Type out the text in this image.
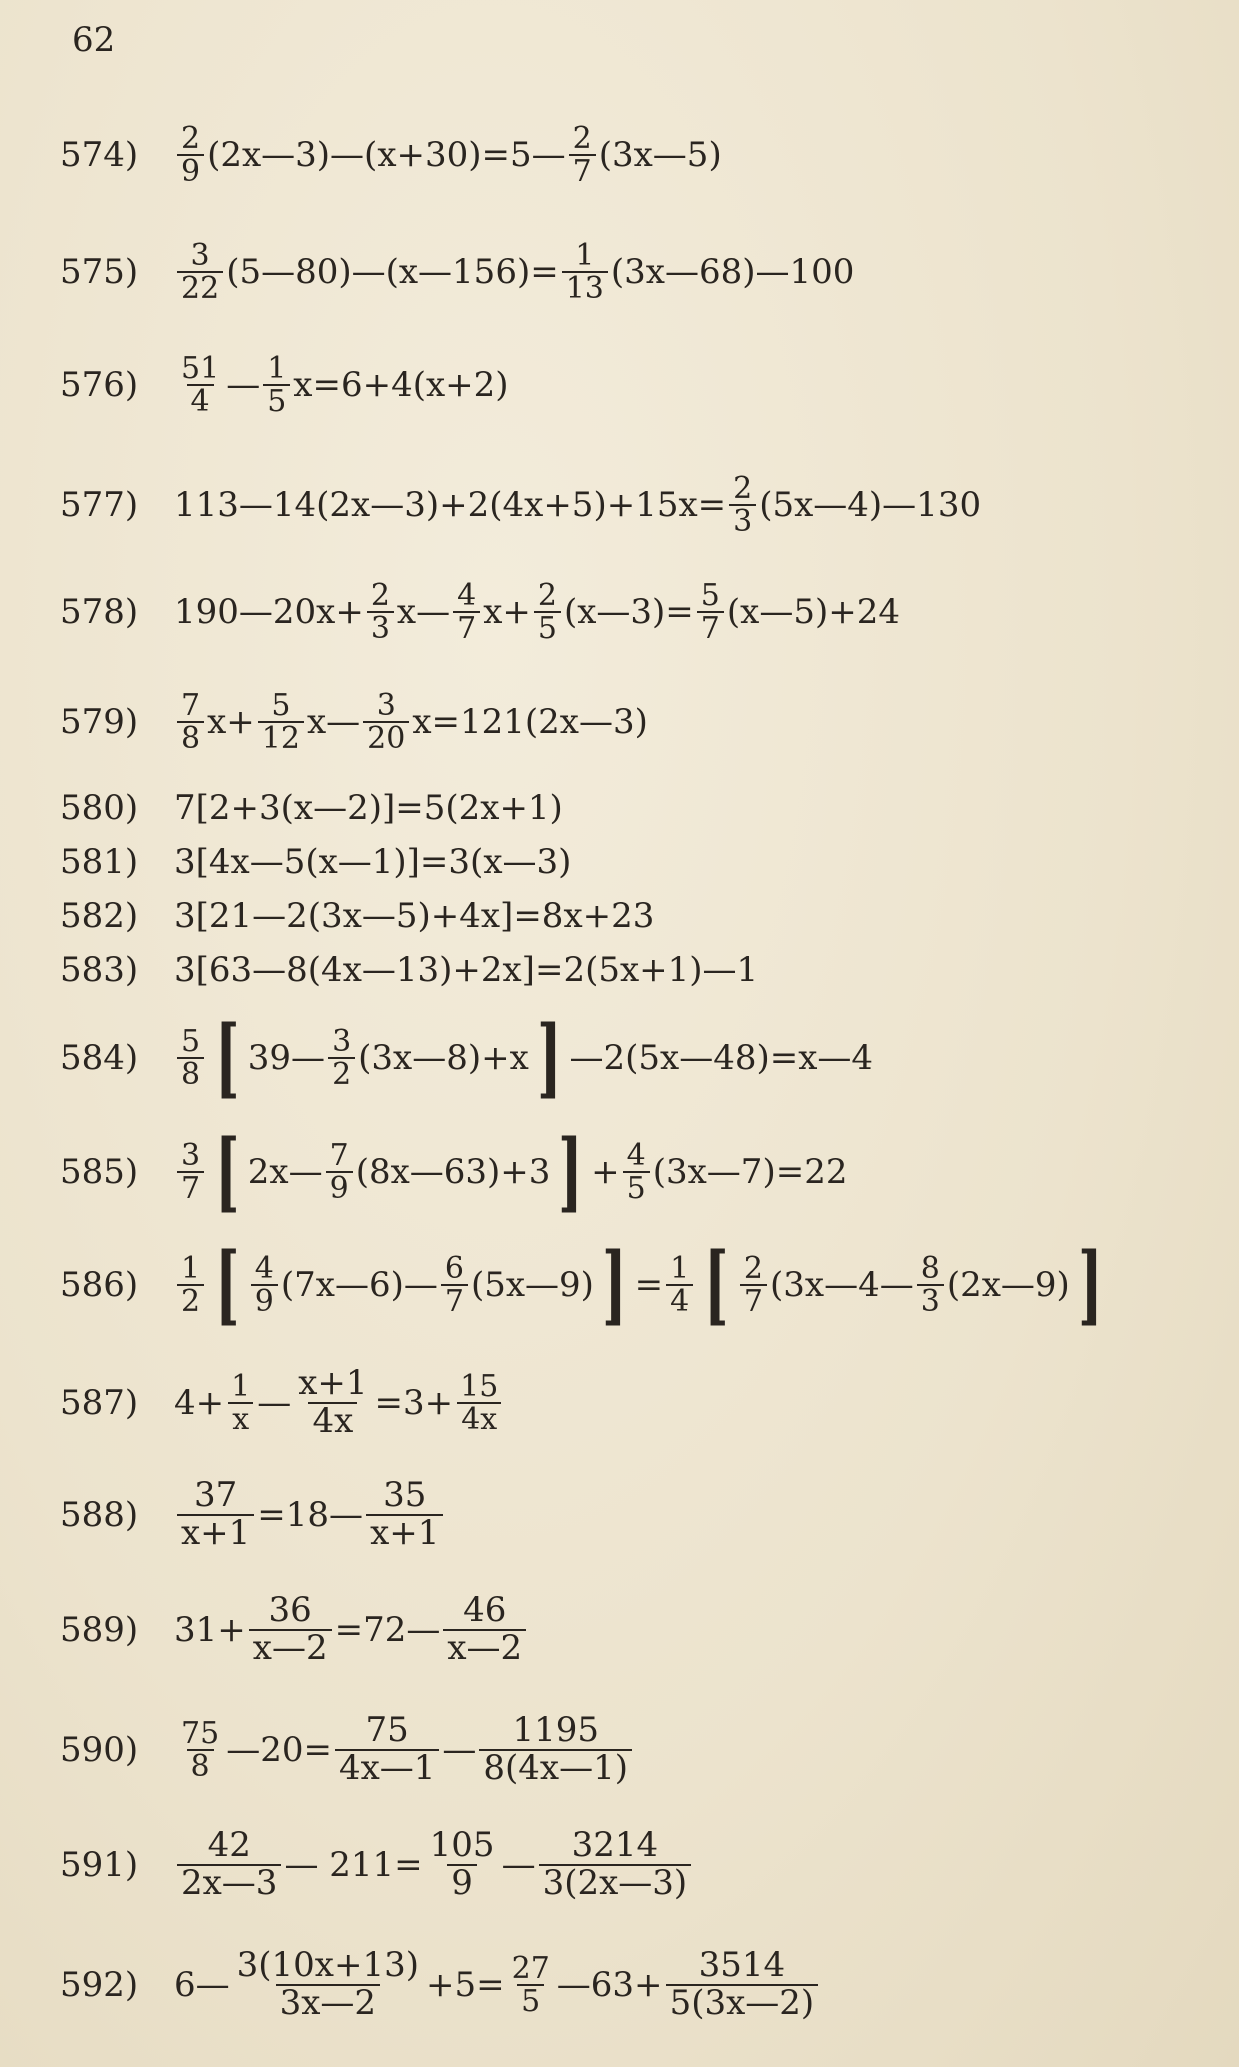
62
574)	$\frac{2}{9}$ (2x—3)—(x+30)=5— $\frac{2}{7}$ (3x—5)
575)	$\frac{3}{22}$ (5—80)—(x—156)= $\frac{1}{13}$ (3x—68)—100
576)	$\frac{51}{4}$ — $\frac{1}{5} x=6+4(x+2)$
577)	113—14(2x—3)+2(4x+5)+15x= $\frac{2}{3}$ (5x—4)—130
578)	190—20x+ $\frac{2}{3}$ x— $\frac{4}{7} x+ \frac{2}{5}$ (x—3)= $\frac{5}{7}$ (x—5)+24
579)	$\frac{7}{8} x+ \frac{5}{12}$ x— $\frac{3}{20}$ x=121(2x—3)
580)	7[2+3(x—2)]=5(2x+1)
581)	3[4x—5(x—1)]=3(x—3)
582)	3[21—2(3x—5)+4x]=8x+23
583)	3[63—8(4x—13)+2x]=2(5x+1)—1
584)	$\frac{5}{8}$ [ 39— $\frac{3}{2}$ (3x—8)+x ] —2(5x—48)=x—4
585)	$\frac{3}{7}$ [ 2x— $\frac{7}{9}$ (8x—63)+3 ] + $\frac{4}{5}$ (3x—7)=22
586)	$\frac{1}{2}$ [ $\frac{4}{9}$ (7x—6)— $\frac{6}{7}$ (5x—9) ] = $\frac{1}{4}$ [ $\frac{2}{7}$ (3x—4— $\frac{8}{3}$ (2x—9) ]
587)	$4+ \frac{1}{x}$ — $\frac{x+1}{4x} =3+ \frac{15}{4x}$
588)	$\frac{37}{x+1}$ =18— $\frac{35}{x+1}$
589)	$31+ \frac{36}{x—2}$ =72— $\frac{46}{x—2}$
590)	$\frac{75}{8}$ —20= $\frac{75}{4x—1}$ — $\frac{1195}{8(4x—1)}$
591)	$\frac{42}{2x—3}$ — $211= \frac{105}{9}$ — $\frac{3214}{3(2x—3)}$
592)	6— $\frac{3(10x+13)}{3x—2} +5= \frac{27}{5}$ —63+ $\frac{3514}{5(3x—2)}$
